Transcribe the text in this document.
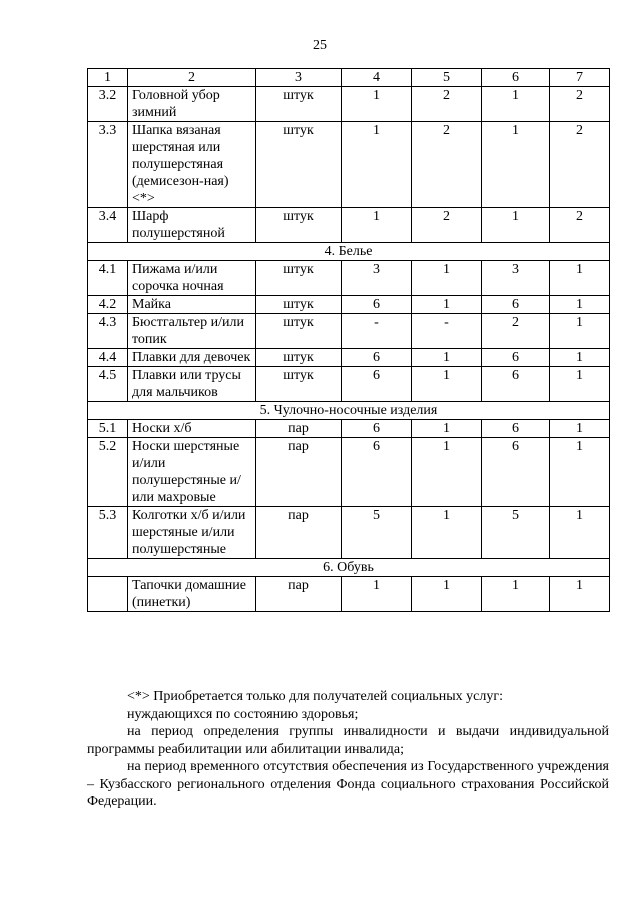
25
1	2	3	4	5	6	7
3.2	Головной убор зимний	штук	1	2	1	2
3.3	Шапка вязаная шерстяная или полушерстяная (демисезон-ная) <*>	штук	1	2	1	2
3.4	Шарф полушерстяной	штук	1	2	1	2
4. Белье						
4.1	Пижама и/или сорочка ночная	штук	3	1	3	1
4.2	Майка	штук	6	1	6	1
4.3	Бюстгальтер и/или топик	штук	-	-	2	1
4.4	Плавки для девочек	штук	6	1	6	1
4.5	Плавки или трусы для мальчиков	штук	6	1	6	1
5. Чулочно-носочные изделия						
5.1	Носки х/б	пар	6	1	6	1
5.2	Носки шерстяные и/или полушерстяные и/или махровые	пар	6	1	6	1
5.3	Колготки х/б и/или шерстяные и/или полушерстяные	пар	5	1	5	1
6. Обувь						
	Тапочки домашние (пинетки)	пар	1	1	1	1

<*> Приобретается только для получателей социальных услуг:

нуждающихся по состоянию здоровья;

на период определения группы инвалидности и выдачи индивидуальной программы реабилитации или абилитации инвалида;

на период временного отсутствия обеспечения из Государственного учреждения – Кузбасского регионального отделения Фонда социального страхования Российской Федерации.
